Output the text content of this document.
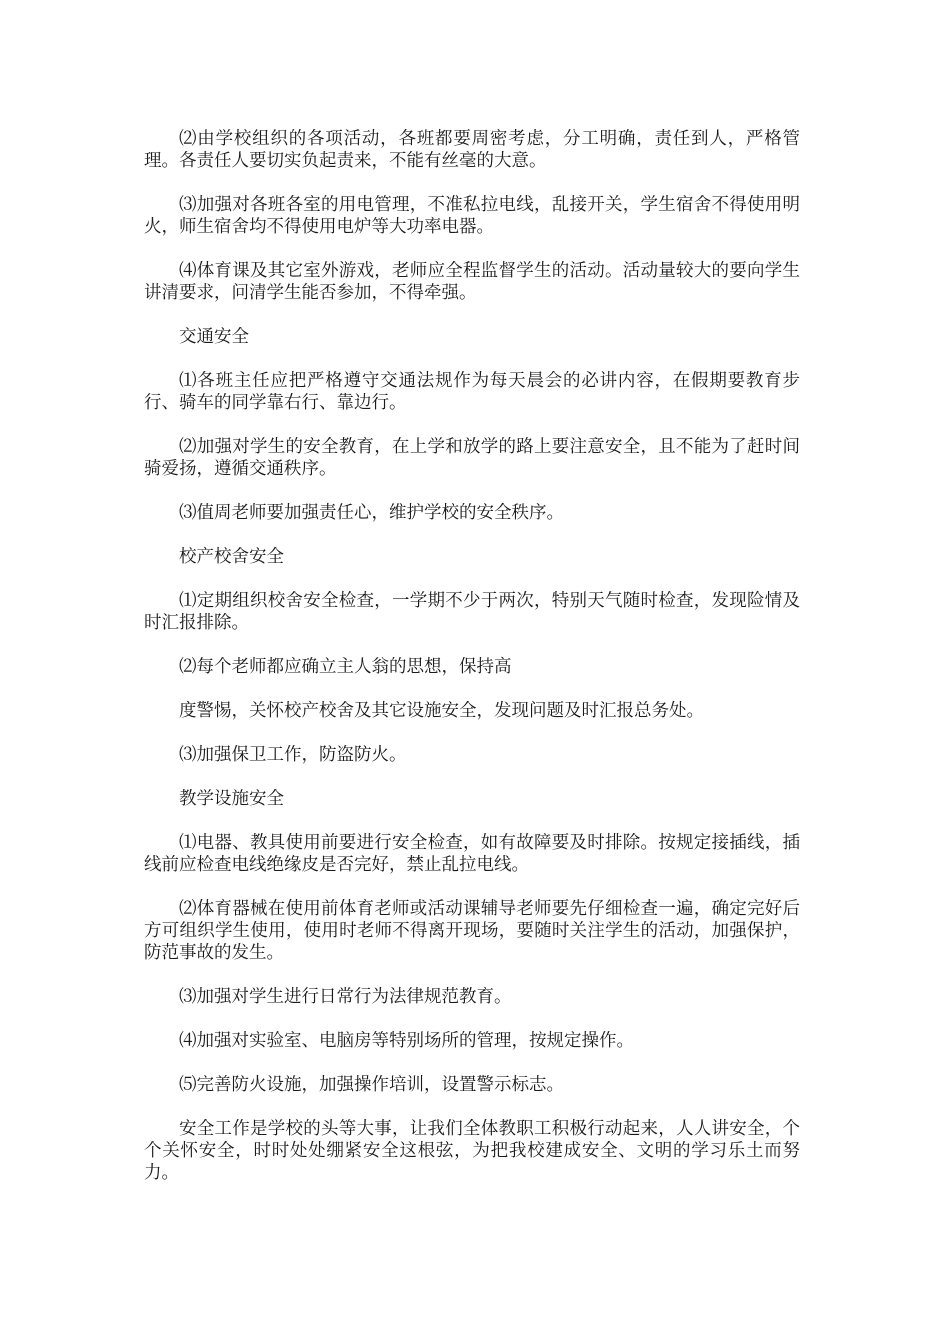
⑵由学校组织的各项活动，各班都要周密考虑，分工明确，责任到人，严格管理。各责任人要切实负起责来，不能有丝毫的大意。

⑶加强对各班各室的用电管理，不准私拉电线，乱接开关，学生宿舍不得使用明火，师生宿舍均不得使用电炉等大功率电器。

⑷体育课及其它室外游戏，老师应全程监督学生的活动。活动量较大的要向学生讲清要求，问清学生能否参加，不得牵强。

交通安全

⑴各班主任应把严格遵守交通法规作为每天晨会的必讲内容，在假期要教育步行、骑车的同学靠右行、靠边行。

⑵加强对学生的安全教育，在上学和放学的路上要注意安全，且不能为了赶时间骑爱扬，遵循交通秩序。

⑶值周老师要加强责任心，维护学校的安全秩序。

校产校舍安全

⑴定期组织校舍安全检查，一学期不少于两次，特别天气随时检查，发现险情及时汇报排除。

⑵每个老师都应确立主人翁的思想，保持高

度警惕，关怀校产校舍及其它设施安全，发现问题及时汇报总务处。

⑶加强保卫工作，防盗防火。

教学设施安全

⑴电器、教具使用前要进行安全检查，如有故障要及时排除。按规定接插线，插线前应检查电线绝缘皮是否完好，禁止乱拉电线。

⑵体育器械在使用前体育老师或活动课辅导老师要先仔细检查一遍，确定完好后方可组织学生使用，使用时老师不得离开现场，要随时关注学生的活动，加强保护，防范事故的发生。

⑶加强对学生进行日常行为法律规范教育。

⑷加强对实验室、电脑房等特别场所的管理，按规定操作。

⑸完善防火设施，加强操作培训，设置警示标志。

安全工作是学校的头等大事，让我们全体教职工积极行动起来，人人讲安全，个个关怀安全，时时处处绷紧安全这根弦，为把我校建成安全、文明的学习乐土而努力。
